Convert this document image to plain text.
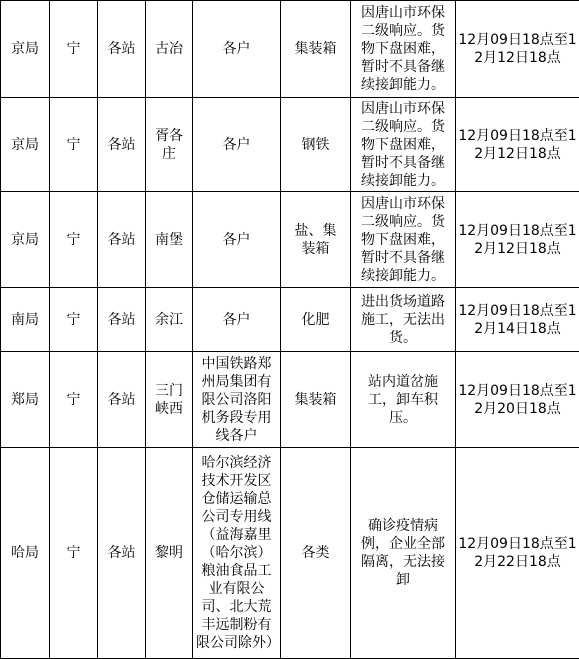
京局	宁	各站	古冶	各户	集装箱	因唐山市环保二级响应。货物下盘困难，暂时不具备继续接卸能力。	12月09日18点至12月12日18点

京局	宁	各站	胥各庄	各户	钢铁	因唐山市环保二级响应。货物下盘困难，暂时不具备继续接卸能力。	12月09日18点至12月12日18点

京局	宁	各站	南堡	各户	盐、集装箱	因唐山市环保二级响应。货物下盘困难，暂时不具备继续接卸能力。	12月09日18点至12月12日18点

南局	宁	各站	余江	各户	化肥	进出货场道路施工，无法出货。	12月09日18点至12月14日18点

郑局	宁	各站	三门峡西	中国铁路郑州局集团有限公司洛阳机务段专用线各户	集装箱	站内道岔施工，卸车积压。	12月09日18点至12月20日18点

哈局	宁	各站	黎明	哈尔滨经济技术开发区仓储运输总公司专用线（益海嘉里（哈尔滨）粮油食品工业有限公司、北大荒丰远制粉有限公司除外）	各类	确诊疫情病例，企业全部隔离，无法接卸	12月09日18点至12月22日18点
